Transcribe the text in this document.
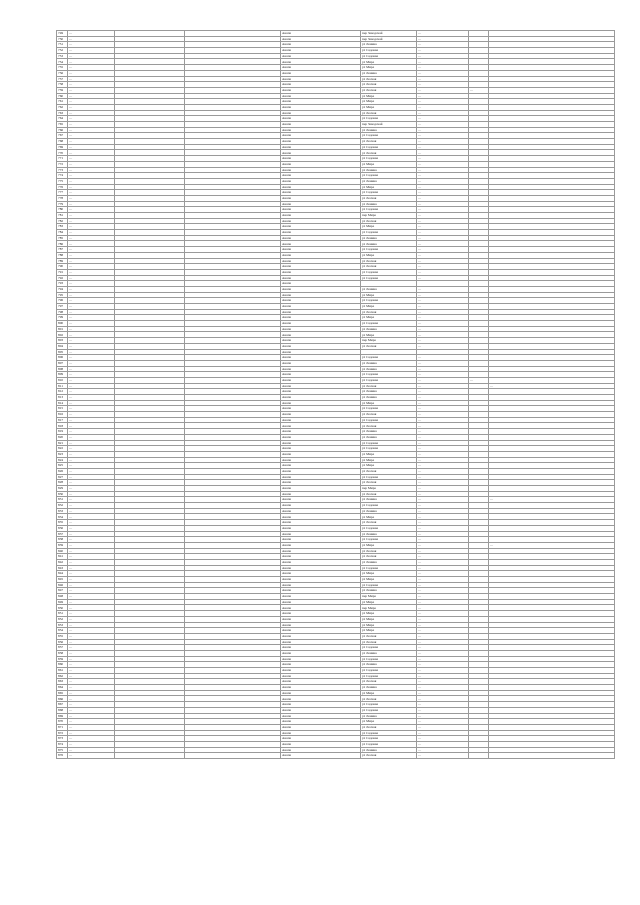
749	…			Анапа	пер Заводской	…		
750	…			Анапа	пер Заводской	…		
751	…			Анапа	ул Ленина	…		
752	…			Анапа	ул Садовая	…		
753	…			Анапа	ул Садовая	…		
754	…			Анапа	ул Мира	…		
755	…			Анапа	ул Мира	…		
756	…			Анапа	ул Ленина	…		
757	…			Анапа	ул Лесная	…		
758	…			Анапа	ул Лесная	…		
759	…			Анапа	ул Лесная	…	…	
760	…			Анапа	ул Мира	…		
761	…			Анапа	ул Мира	…		
762	…			Анапа	ул Мира	…		
763	…			Анапа	ул Лесная	…		
764	…			Анапа	ул Садовая	…		
765	…			Анапа	пер Заводской	…		
766	…			Анапа	ул Ленина	…		
767	…			Анапа	ул Садовая	…		
768	…			Анапа	ул Лесная	…		
769	…			Анапа	ул Садовая	…		
770	…			Анапа	ул Лесная	…		
771	…			Анапа	ул Садовая	…		
772	…			Анапа	ул Мира	…		
773	…			Анапа	ул Ленина	…		
774	…			Анапа	ул Садовая	…		
775	…			Анапа	ул Ленина	…		
776	…			Анапа	ул Мира	…		
777	…			Анапа	ул Садовая	…		
778	…			Анапа	ул Лесная	…		
779	…			Анапа	ул Ленина	…		
780	…			Анапа	ул Садовая	…		
781	…			Анапа	пер Мира	…		
782	…			Анапа	ул Лесная	…		
783	…			Анапа	ул Мира	…		
784	…			Анапа	ул Садовая	…		
785	…			Анапа	ул Ленина	…		
786	…			Анапа	ул Ленина	…		
787	…			Анапа	ул Садовая	…		
788	…			Анапа	ул Мира	…		
789	…			Анапа	ул Лесная	…		
790	…			Анапа	ул Лесная	…		
791	…			Анапа	ул Садовая	…		
792	…			Анапа	ул Садовая	…		
793	…			Анапа				
794	…			Анапа	ул Ленина	…		
795	…			Анапа	ул Мира	…		
796	…			Анапа	ул Садовая	…		
797	…			Анапа	ул Мира	…		
798	…			Анапа	ул Лесная	…		
799	…			Анапа	ул Мира	…		
800	…			Анапа	ул Садовая	…		
801	…			Анапа	ул Ленина	…		
802	…			Анапа	ул Мира	…		
803	…			Анапа	пер Мира	…		
804	…			Анапа	ул Лесная	…		
805	…			Анапа				
806	…			Анапа	ул Садовая	…		
807	…			Анапа	ул Ленина	…		
808	…			Анапа	ул Ленина	…		
809	…			Анапа	ул Садовая	…		
810	…			Анапа	ул Садовая	…	…	
811	…			Анапа	ул Лесная	…		…
812	…			Анапа	ул Ленина	…		
813	…			Анапа	ул Ленина	…		
814	…			Анапа	ул Мира	…		
815	…			Анапа	ул Садовая	…		
816	…			Анапа	ул Лесная	…		
817	…			Анапа	ул Садовая	…		
818	…			Анапа	ул Лесная	…		
819	…			Анапа	ул Ленина	…		
820	…			Анапа	ул Ленина	…		
821	…			Анапа	ул Садовая	…		
822	…			Анапа	ул Садовая	…		
823	…			Анапа	ул Мира	…		
824	…			Анапа	ул Мира	…		
825	…			Анапа	ул Мира	…		
826	…			Анапа	ул Лесная	…		
827	…			Анапа	ул Садовая	…		
828	…			Анапа	ул Лесная	…		
829	…			Анапа	пер Мира	…		
830	…			Анапа	ул Лесная	…		
831	…			Анапа	ул Ленина	…		…
832	…			Анапа	ул Садовая	…		
833	…			Анапа	ул Ленина	…		
834	…			Анапа	ул Мира	…		
835	…			Анапа	ул Лесная	…		
836	…			Анапа	ул Садовая	…		
837	…			Анапа	ул Ленина	…		
838	…			Анапа	ул Садовая	…		
839	…			Анапа	ул Мира	…		…
840	…			Анапа	ул Лесная	…		
841	…			Анапа	ул Лесная	…		
842	…			Анапа	ул Ленина	…		
843	…			Анапа	ул Садовая	…		
844	…			Анапа	ул Мира	…		
845	…			Анапа	ул Мира	…		
846	…			Анапа	ул Садовая	…		
847	…			Анапа	ул Ленина	…		
848	…			Анапа	пер Мира	…		
849	…			Анапа	ул Мира	…		
850	…			Анапа	пер Мира	…		
851	…			Анапа	ул Мира	…		
852	…			Анапа	ул Мира	…		
853	…			Анапа	ул Мира	…		
854	…			Анапа	ул Мира	…		
855	…			Анапа	ул Лесная	…		
856	…			Анапа	ул Лесная	…		
857	…			Анапа	ул Садовая	…		
858	…			Анапа	ул Ленина	…		
859	…			Анапа	ул Садовая	…		
860	…			Анапа	ул Ленина	…		
861	…			Анапа	ул Садовая	…		
862	…			Анапа	ул Садовая	…		
863	…			Анапа	ул Лесная	…		
864	…			Анапа	ул Ленина	…		
865	…			Анапа	ул Мира	…		
866	…			Анапа	ул Лесная	…		
867	…			Анапа	ул Садовая	…		
868	…			Анапа	ул Садовая	…		
869	…			Анапа	ул Ленина	…		
870	…			Анапа	ул Мира	…		
871	…			Анапа	ул Лесная	…		
872	…			Анапа	ул Садовая	…		
873	…			Анапа	ул Садовая	…		
874	…			Анапа	ул Садовая	…		
875	…			Анапа	ул Ленина	…		
876	…			Анапа	ул Лесная	…		
